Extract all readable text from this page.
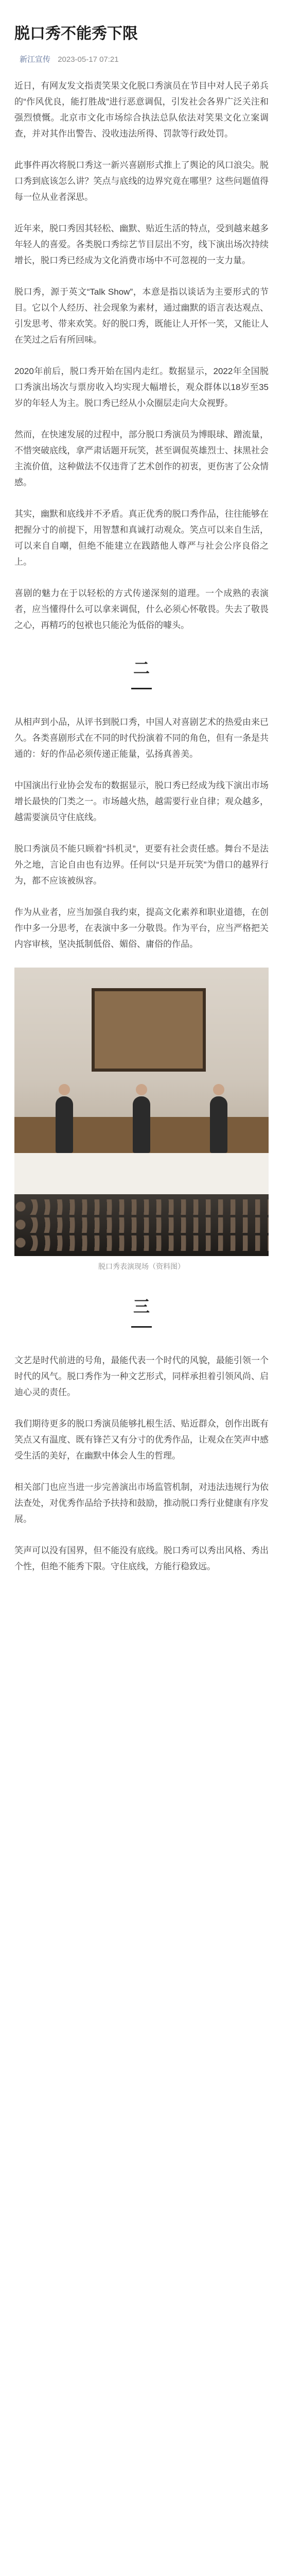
脱口秀不能秀下限
新江宣传 2023-05-17 07:21

近日，有网友发文指责笑果文化脱口秀演员在节目中对人民子弟兵的“作风优良，能打胜战”进行恶意调侃，引发社会各界广泛关注和强烈愤慨。北京市文化市场综合执法总队依法对笑果文化立案调查，并对其作出警告、没收违法所得、罚款等行政处罚。

此事件再次将脱口秀这一新兴喜剧形式推上了舆论的风口浪尖。脱口秀到底该怎么讲？笑点与底线的边界究竟在哪里？这些问题值得每一位从业者深思。

近年来，脱口秀因其轻松、幽默、贴近生活的特点，受到越来越多年轻人的喜爱。各类脱口秀综艺节目层出不穷，线下演出场次持续增长，脱口秀已经成为文化消费市场中不可忽视的一支力量。

脱口秀，源于英文“Talk Show”，本意是指以谈话为主要形式的节目。它以个人经历、社会现象为素材，通过幽默的语言表达观点、引发思考、带来欢笑。好的脱口秀，既能让人开怀一笑，又能让人在笑过之后有所回味。

2020年前后，脱口秀开始在国内走红。数据显示，2022年全国脱口秀演出场次与票房收入均实现大幅增长，观众群体以18岁至35岁的年轻人为主。脱口秀已经从小众圈层走向大众视野。

然而，在快速发展的过程中，部分脱口秀演员为博眼球、蹭流量，不惜突破底线，拿严肃话题开玩笑，甚至调侃英雄烈士、抹黑社会主流价值，这种做法不仅违背了艺术创作的初衷，更伤害了公众情感。

其实，幽默和底线并不矛盾。真正优秀的脱口秀作品，往往能够在把握分寸的前提下，用智慧和真诚打动观众。笑点可以来自生活，可以来自自嘲，但绝不能建立在践踏他人尊严与社会公序良俗之上。

喜剧的魅力在于以轻松的方式传递深刻的道理。一个成熟的表演者，应当懂得什么可以拿来调侃，什么必须心怀敬畏。失去了敬畏之心，再精巧的包袱也只能沦为低俗的噱头。

二

从相声到小品，从评书到脱口秀，中国人对喜剧艺术的热爱由来已久。各类喜剧形式在不同的时代扮演着不同的角色，但有一条是共通的：好的作品必须传递正能量，弘扬真善美。

中国演出行业协会发布的数据显示，脱口秀已经成为线下演出市场增长最快的门类之一。市场越火热，越需要行业自律；观众越多，越需要演员守住底线。

脱口秀演员不能只顾着“抖机灵”，更要有社会责任感。舞台不是法外之地，言论自由也有边界。任何以“只是开玩笑”为借口的越界行为，都不应该被纵容。

作为从业者，应当加强自我约束，提高文化素养和职业道德，在创作中多一分思考，在表演中多一分敬畏。作为平台，应当严格把关内容审核，坚决抵制低俗、媚俗、庸俗的作品。

脱口秀表演现场（资料图）
三

文艺是时代前进的号角，最能代表一个时代的风貌，最能引领一个时代的风气。脱口秀作为一种文艺形式，同样承担着引领风尚、启迪心灵的责任。

我们期待更多的脱口秀演员能够扎根生活、贴近群众，创作出既有笑点又有温度、既有锋芒又有分寸的优秀作品，让观众在笑声中感受生活的美好，在幽默中体会人生的哲理。

相关部门也应当进一步完善演出市场监管机制，对违法违规行为依法查处，对优秀作品给予扶持和鼓励，推动脱口秀行业健康有序发展。

笑声可以没有国界，但不能没有底线。脱口秀可以秀出风格、秀出个性，但绝不能秀下限。守住底线，方能行稳致远。
